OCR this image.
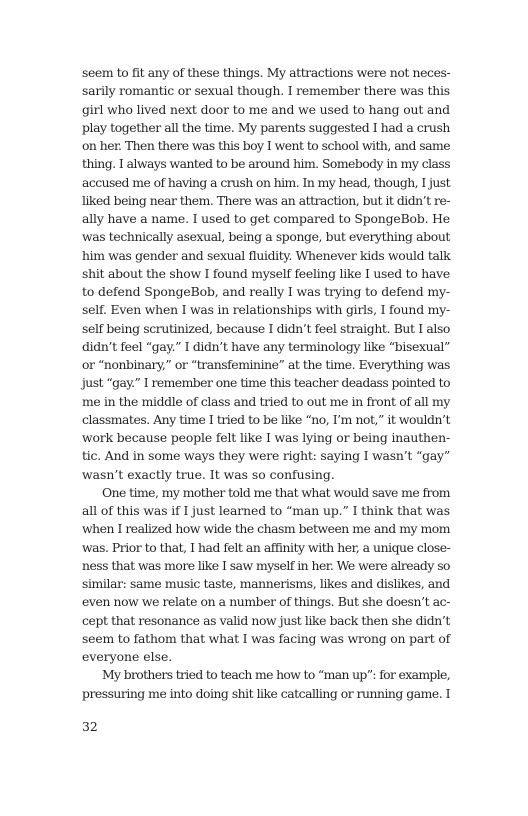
seem to fit any of these things. My attractions were not neces-
sarily romantic or sexual though. I remember there was this
girl who lived next door to me and we used to hang out and
play together all the time. My parents suggested I had a crush
on her. Then there was this boy I went to school with, and same
thing. I always wanted to be around him. Somebody in my class
accused me of having a crush on him. In my head, though, I just
liked being near them. There was an attraction, but it didn’t re-
ally have a name. I used to get compared to SpongeBob. He
was technically asexual, being a sponge, but everything about
him was gender and sexual fluidity. Whenever kids would talk
shit about the show I found myself feeling like I used to have
to defend SpongeBob, and really I was trying to defend my-
self. Even when I was in relationships with girls, I found my-
self being scrutinized, because I didn’t feel straight. But I also
didn’t feel “gay.” I didn’t have any terminology like “bisexual”
or “nonbinary,” or “transfeminine” at the time. Everything was
just “gay.” I remember one time this teacher deadass pointed to
me in the middle of class and tried to out me in front of all my
classmates. Any time I tried to be like “no, I’m not,” it wouldn’t
work because people felt like I was lying or being inauthen-
tic. And in some ways they were right: saying I wasn’t “gay”
wasn’t exactly true. It was so confusing.
One time, my mother told me that what would save me from
all of this was if I just learned to “man up.” I think that was
when I realized how wide the chasm between me and my mom
was. Prior to that, I had felt an affinity with her, a unique close-
ness that was more like I saw myself in her. We were already so
similar: same music taste, mannerisms, likes and dislikes, and
even now we relate on a number of things. But she doesn’t ac-
cept that resonance as valid now just like back then she didn’t
seem to fathom that what I was facing was wrong on part of
everyone else.
My brothers tried to teach me how to “man up”: for example,
pressuring me into doing shit like catcalling or running game. I
32
